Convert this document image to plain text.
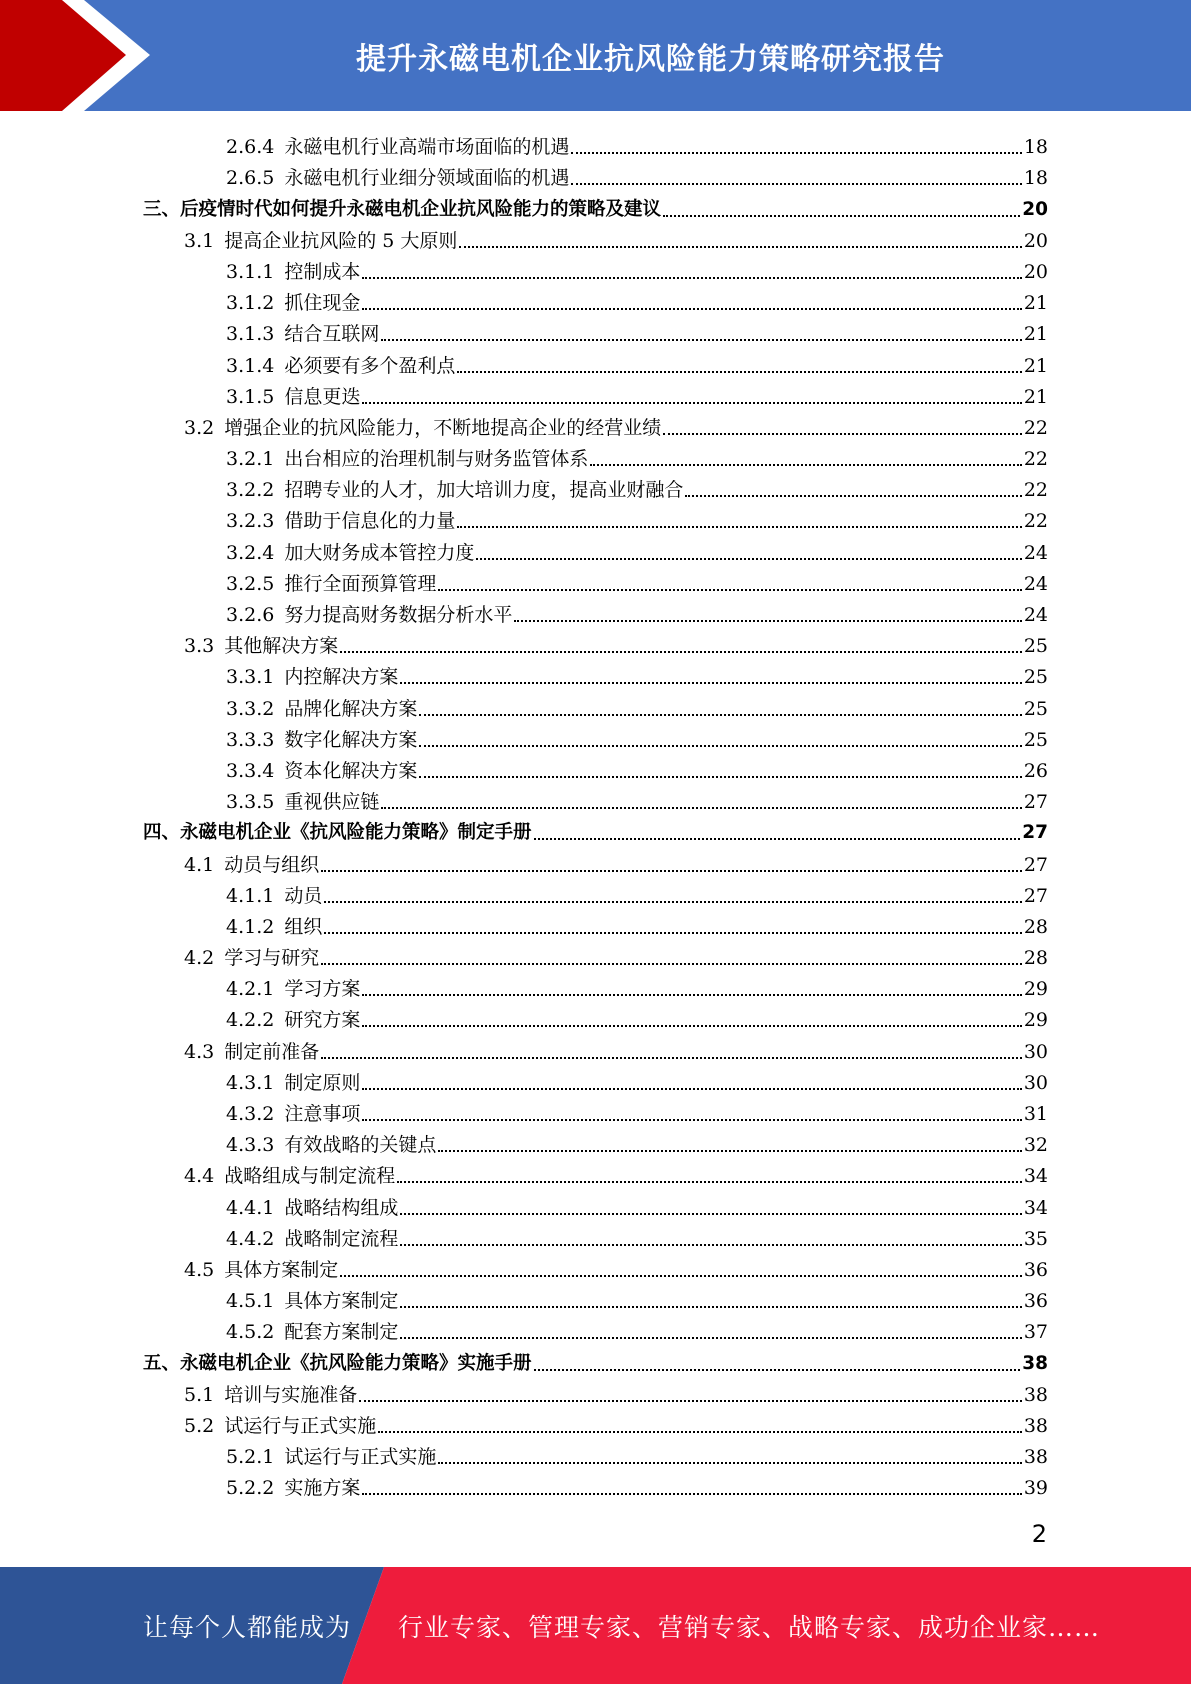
提升永磁电机企业抗风险能力策略研究报告
2.6.4 永磁电机行业高端市场面临的机遇	18
2.6.5 永磁电机行业细分领域面临的机遇	18
三、后疫情时代如何提升永磁电机企业抗风险能力的策略及建议	20
3.1 提高企业抗风险的 5 大原则	20
3.1.1 控制成本	20
3.1.2 抓住现金	21
3.1.3 结合互联网	21
3.1.4 必须要有多个盈利点	21
3.1.5 信息更迭	21
3.2 增强企业的抗风险能力，不断地提高企业的经营业绩	22
3.2.1 出台相应的治理机制与财务监管体系	22
3.2.2 招聘专业的人才，加大培训力度，提高业财融合	22
3.2.3 借助于信息化的力量	22
3.2.4 加大财务成本管控力度	24
3.2.5 推行全面预算管理	24
3.2.6 努力提高财务数据分析水平	24
3.3 其他解决方案	25
3.3.1 内控解决方案	25
3.3.2 品牌化解决方案	25
3.3.3 数字化解决方案	25
3.3.4 资本化解决方案	26
3.3.5 重视供应链	27
四、永磁电机企业《抗风险能力策略》制定手册	27
4.1 动员与组织	27
4.1.1 动员	27
4.1.2 组织	28
4.2 学习与研究	28
4.2.1 学习方案	29
4.2.2 研究方案	29
4.3 制定前准备	30
4.3.1 制定原则	30
4.3.2 注意事项	31
4.3.3 有效战略的关键点	32
4.4 战略组成与制定流程	34
4.4.1 战略结构组成	34
4.4.2 战略制定流程	35
4.5 具体方案制定	36
4.5.1 具体方案制定	36
4.5.2 配套方案制定	37
五、永磁电机企业《抗风险能力策略》实施手册	38
5.1 培训与实施准备	38
5.2 试运行与正式实施	38
5.2.1 试运行与正式实施	38
5.2.2 实施方案	39
2
让每个人都能成为 行业专家、管理专家、营销专家、战略专家、成功企业家……
